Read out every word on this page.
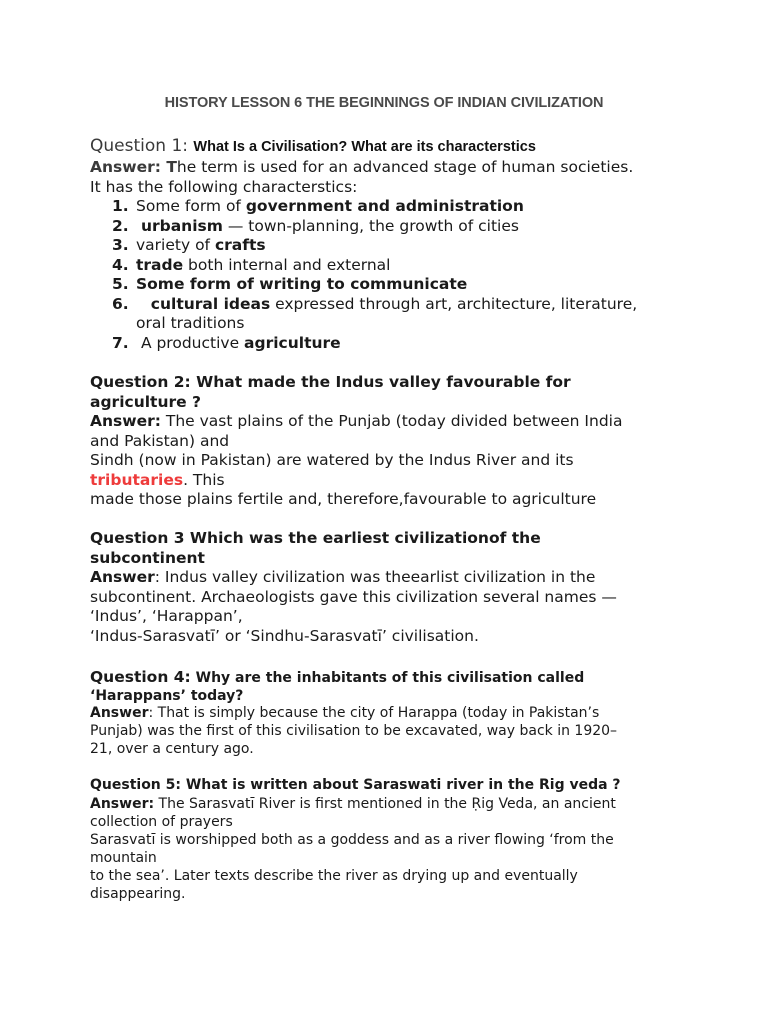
HISTORY LESSON 6 THE BEGINNINGS OF INDIAN CIVILIZATION
Question 1: What Is a Civilisation? What are its characterstics
Answer: The term is used for an advanced stage of human societies.
It has the following characterstics:
1. Some form of government and administration
2. urbanism — town-planning, the growth of cities
3. variety of crafts
4. trade both internal and external
5. Some form of writing to communicate
6. cultural ideas expressed through art, architecture, literature,
oral traditions
7. A productive agriculture
Question 2: What made the Indus valley favourable for
agriculture ?
Answer: The vast plains of the Punjab (today divided between India
and Pakistan) and
Sindh (now in Pakistan) are watered by the Indus River and its
tributaries. This
made those plains fertile and, therefore,favourable to agriculture
Question 3 Which was the earliest civilizationof the
subcontinent
Answer: Indus valley civilization was theearlist civilization in the
subcontinent. Archaeologists gave this civilization several names —
‘Indus’, ‘Harappan’,
‘Indus-Sarasvatī’ or ‘Sindhu-Sarasvatī’ civilisation.
Question 4: Why are the inhabitants of this civilisation called
‘Harappans’ today?
Answer: That is simply because the city of Harappa (today in Pakistan’s
Punjab) was the first of this civilisation to be excavated, way back in 1920–
21, over a century ago.
Question 5: What is written about Saraswati river in the Rig veda ?
Answer: The Sarasvatī River is first mentioned in the Ṛig Veda, an ancient
collection of prayers
Sarasvatī is worshipped both as a goddess and as a river flowing ‘from the
mountain
to the sea’. Later texts describe the river as drying up and eventually
disappearing.
